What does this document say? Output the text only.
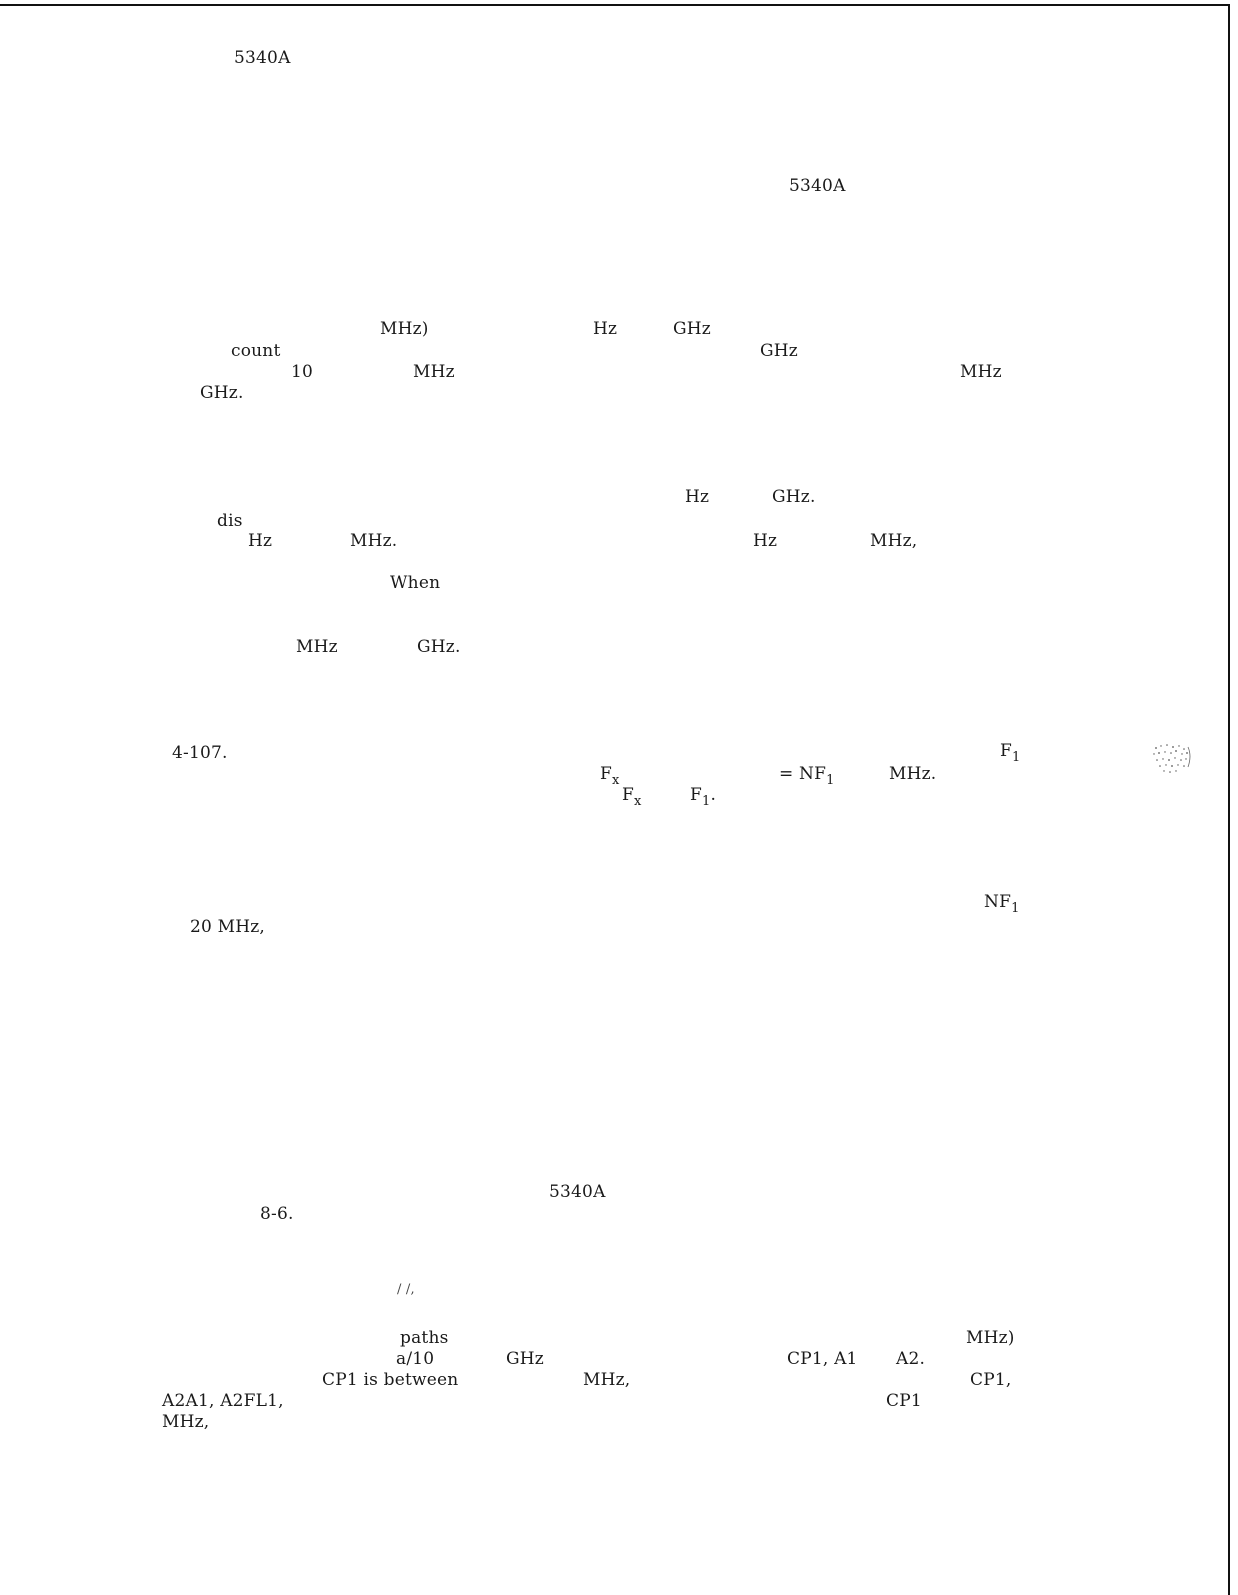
5340A
5340A
MHz)	Hz	GHz
count	GHz
10	MHz	MHz
GHz.
Hz	GHz.
dis
Hz	MHz.	Hz	MHz,
When
MHz	GHz.
4-107.	$F_1$
$F_x$	= $NF_1$	MHz.
$F_x$	$F_1$.
$NF_1$
20 MHz,
5340A
8-6.
/ /,
paths	MHz)
a/10	GHz	CP1, A1 A2.
CP1 is between	MHz,	CP1,
A2A1, A2FL1,	CP1
MHz,
